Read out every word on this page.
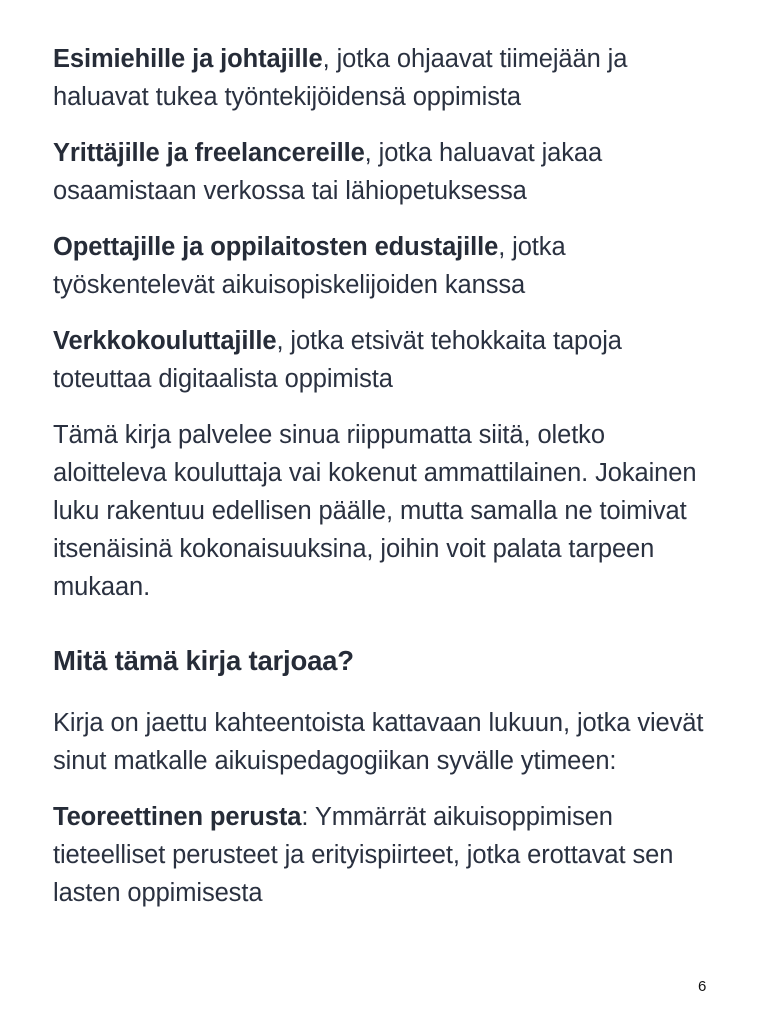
Esimiehille ja johtajille, jotka ohjaavat tiimejään ja haluavat tukea työntekijöidensä oppimista

Yrittäjille ja freelancereille, jotka haluavat jakaa osaamistaan verkossa tai lähiopetuksessa

Opettajille ja oppilaitosten edustajille, jotka työskentelevät aikuisopiskelijoiden kanssa

Verkkokouluttajille, jotka etsivät tehokkaita tapoja toteuttaa digitaalista oppimista

Tämä kirja palvelee sinua riippumatta siitä, oletko aloitteleva kouluttaja vai kokenut ammattilainen. Jokainen luku rakentuu edellisen päälle, mutta samalla ne toimivat itsenäisinä kokonaisuuksina, joihin voit palata tarpeen mukaan.

Mitä tämä kirja tarjoaa?

Kirja on jaettu kahteentoista kattavaan lukuun, jotka vievät sinut matkalle aikuispedagogiikan syvälle ytimeen:

Teoreettinen perusta: Ymmärrät aikuisoppimisen tieteelliset perusteet ja erityispiirteet, jotka erottavat sen lasten oppimisesta

6
